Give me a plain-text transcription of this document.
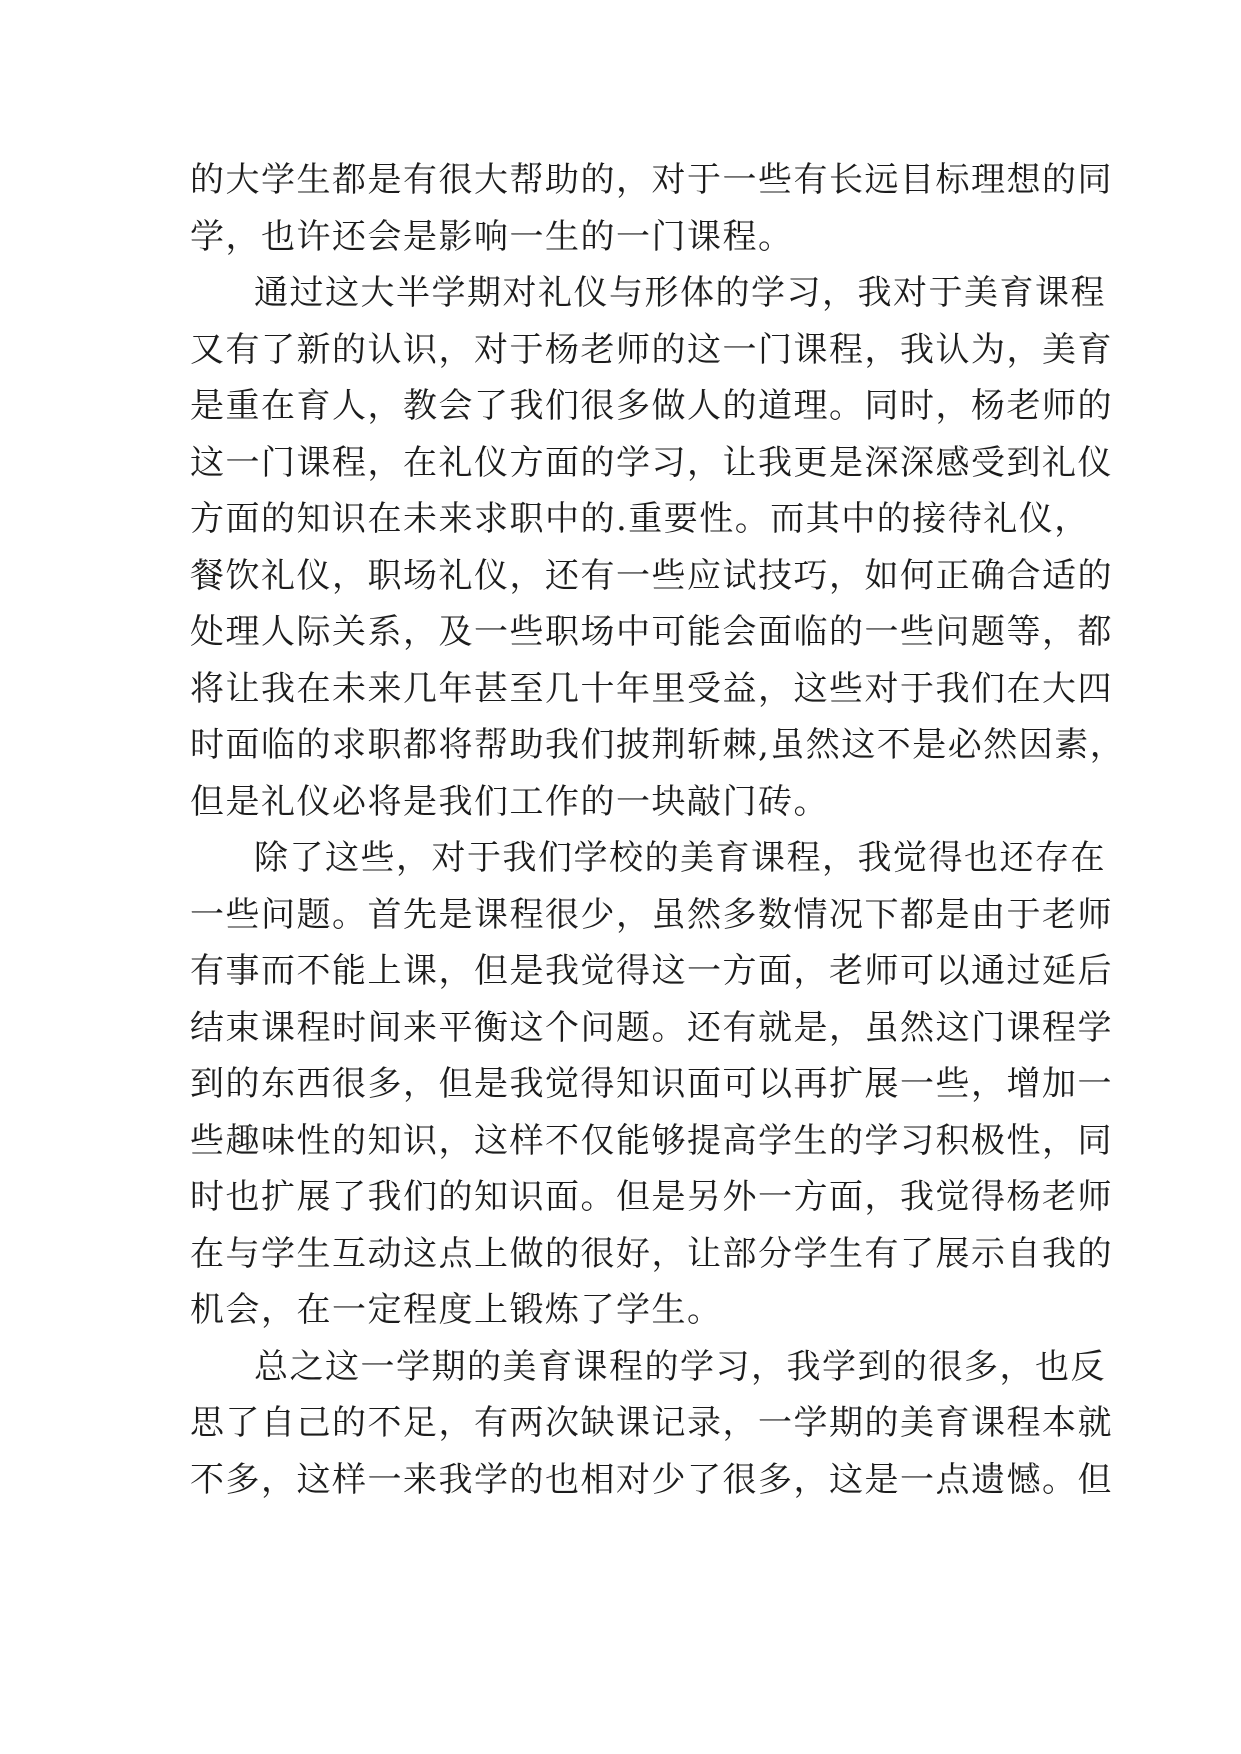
的大学生都是有很大帮助的，对于一些有长远目标理想的同
学，也许还会是影响一生的一门课程。
通过这大半学期对礼仪与形体的学习，我对于美育课程
又有了新的认识，对于杨老师的这一门课程，我认为，美育
是重在育人，教会了我们很多做人的道理。同时，杨老师的
这一门课程，在礼仪方面的学习，让我更是深深感受到礼仪
方面的知识在未来求职中的.重要性。而其中的接待礼仪，
餐饮礼仪，职场礼仪，还有一些应试技巧，如何正确合适的
处理人际关系，及一些职场中可能会面临的一些问题等，都
将让我在未来几年甚至几十年里受益，这些对于我们在大四
时面临的求职都将帮助我们披荆斩棘,虽然这不是必然因素，
但是礼仪必将是我们工作的一块敲门砖。
除了这些，对于我们学校的美育课程，我觉得也还存在
一些问题。首先是课程很少，虽然多数情况下都是由于老师
有事而不能上课，但是我觉得这一方面，老师可以通过延后
结束课程时间来平衡这个问题。还有就是，虽然这门课程学
到的东西很多，但是我觉得知识面可以再扩展一些，增加一
些趣味性的知识，这样不仅能够提高学生的学习积极性，同
时也扩展了我们的知识面。但是另外一方面，我觉得杨老师
在与学生互动这点上做的很好，让部分学生有了展示自我的
机会，在一定程度上锻炼了学生。
总之这一学期的美育课程的学习，我学到的很多，也反
思了自己的不足，有两次缺课记录，一学期的美育课程本就
不多，这样一来我学的也相对少了很多，这是一点遗憾。但
